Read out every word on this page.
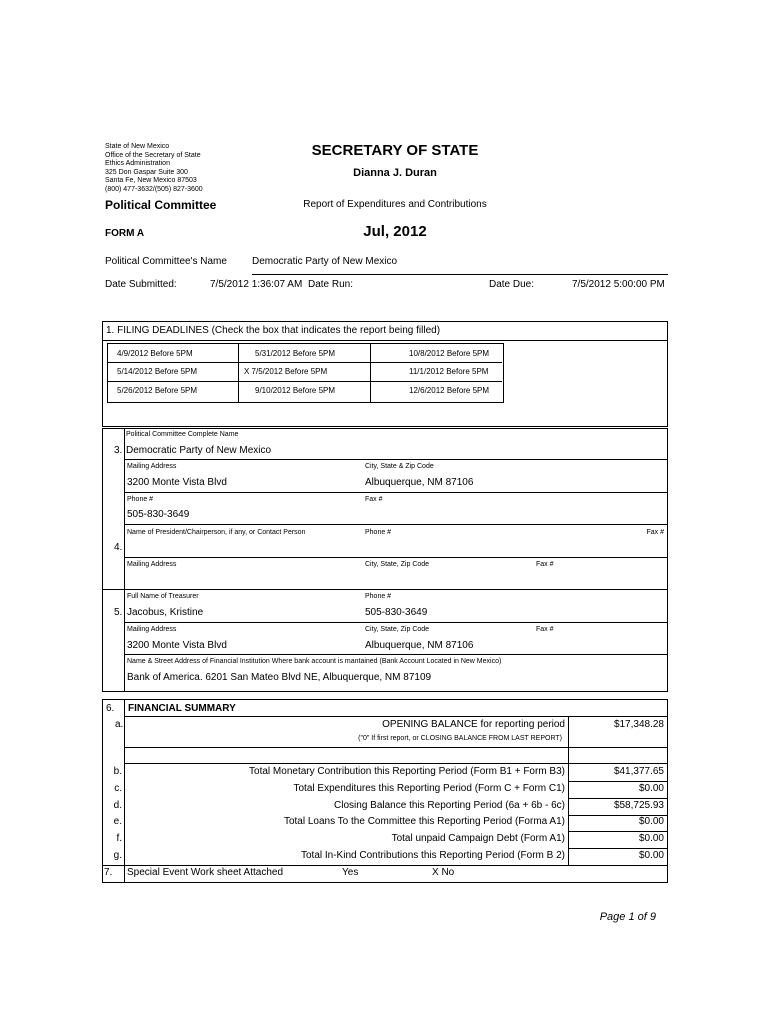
State of New Mexico
Office of the Secretary of State
Ethics Administration
325 Don Gaspar Suite 300
Santa Fe, New Mexico 87503
(800) 477-3632/(505) 827-3600
SECRETARY OF STATE
Dianna J. Duran
Political Committee	Report of Expenditures and Contributions
FORM A	Jul, 2012
Political Committee's Name	Democratic Party of New Mexico
Date Submitted:	7/5/2012 1:36:07 AM Date Run:	Date Due:	7/5/2012 5:00:00 PM
1. FILING DEADLINES (Check the box that indicates the report being filled)
4/9/2012 Before 5PM	5/31/2012 Before 5PM	10/8/2012 Before 5PM
5/14/2012 Before 5PM	X 7/5/2012 Before 5PM	11/1/2012 Before 5PM
5/26/2012 Before 5PM	9/10/2012 Before 5PM	12/6/2012 Before 5PM
Political Committee Complete Name
3. Democratic Party of New Mexico
Mailing Address	City, State & Zip Code
3200 Monte Vista Blvd	Albuquerque, NM 87106
Phone #	Fax #
505-830-3649
Name of President/Chairperson, if any, or Contact Person	Phone #	Fax #
4.
Mailing Address	City, State, Zip Code	Fax #
Full Name of Treasurer	Phone #
5. Jacobus, Kristine	505-830-3649
Mailing Address	City, State, Zip Code	Fax #
3200 Monte Vista Blvd	Albuquerque, NM 87106
Name & Street Address of Financial Institution Where bank account is mantained (Bank Account Located in New Mexico)
Bank of America. 6201 San Mateo Blvd NE, Albuquerque, NM 87109
6. FINANCIAL SUMMARY
a.	OPENING BALANCE for reporting period	$17,348.28
("0" If first report, or CLOSING BALANCE FROM LAST REPORT)
b.	Total Monetary Contribution this Reporting Period (Form B1 + Form B3)	$41,377.65
c.	Total Expenditures this Reporting Period (Form C + Form C1)	$0.00
d.	Closing Balance this Reporting Period (6a + 6b - 6c)	$58,725.93
e.	Total Loans To the Committee this Reporting Period (Forma A1)	$0.00
f.	Total unpaid Campaign Debt (Form A1)	$0.00
g.	Total In-Kind Contributions this Reporting Period (Form B 2)	$0.00
7. Special Event Work sheet Attached	Yes	X No
Page 1 of 9
